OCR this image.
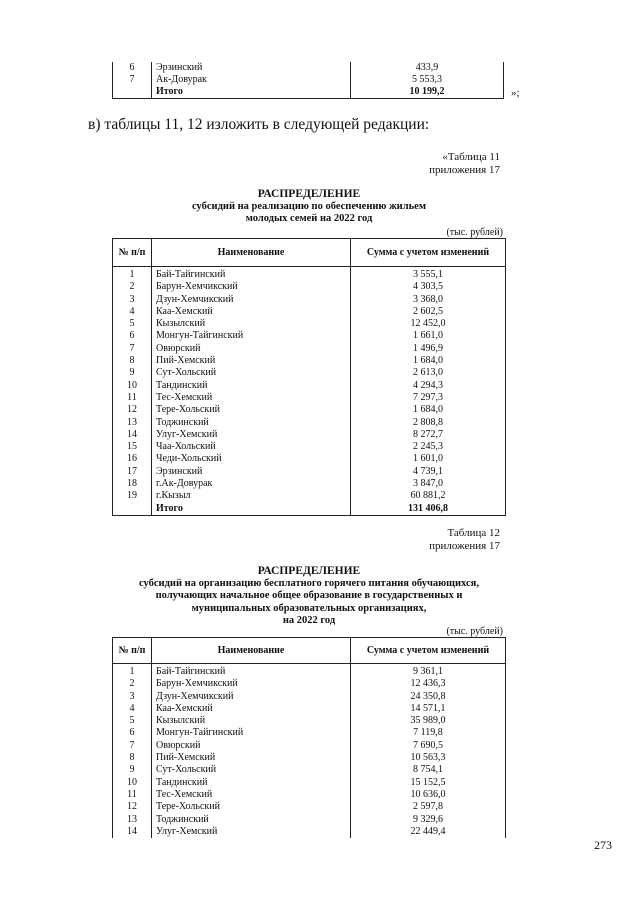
6	Эрзинский	433,9
7	Ак-Довурак	5 553,3
	Итого	10 199,2	»;
в) таблицы 11, 12 изложить в следующей редакции:
«Таблица 11
приложения 17
РАСПРЕДЕЛЕНИЕ
субсидий на реализацию по обеспечению жильем
молодых семей на 2022 год
(тыс. рублей)
№ п/п	Наименование	Сумма с учетом изменений
1	Бай-Тайгинский	3 555,1
2	Барун-Хемчикский	4 303,5
3	Дзун-Хемчикский	3 368,0
4	Каа-Хемский	2 602,5
5	Кызылский	12 452,0
6	Монгун-Тайгинский	1 661,0
7	Овюрский	1 496,9
8	Пий-Хемский	1 684,0
9	Сут-Хольский	2 613,0
10	Тандинский	4 294,3
11	Тес-Хемский	7 297,3
12	Тере-Хольский	1 684,0
13	Тоджинский	2 808,8
14	Улуг-Хемский	8 272,7
15	Чаа-Хольский	2 245,3
16	Чеди-Хольский	1 601,0
17	Эрзинский	4 739,1
18	г.Ак-Довурак	3 847,0
19	г.Кызыл	60 881,2
	Итого	131 406,8
Таблица 12
приложения 17
РАСПРЕДЕЛЕНИЕ
субсидий на организацию бесплатного горячего питания обучающихся,
получающих начальное общее образование в государственных и
муниципальных образовательных организациях,
на 2022 год
(тыс. рублей)
№ п/п	Наименование	Сумма с учетом изменений
1	Бай-Тайгинский	9 361,1
2	Барун-Хемчикский	12 436,3
3	Дзун-Хемчикский	24 350,8
4	Каа-Хемский	14 571,1
5	Кызылский	35 989,0
6	Монгун-Тайгинский	7 119,8
7	Овюрский	7 690,5
8	Пий-Хемский	10 563,3
9	Сут-Хольский	8 754,1
10	Тандинский	15 152,5
11	Тес-Хемский	10 636,0
12	Тере-Хольский	2 597,8
13	Тоджинский	9 329,6
14	Улуг-Хемский	22 449,4
273
